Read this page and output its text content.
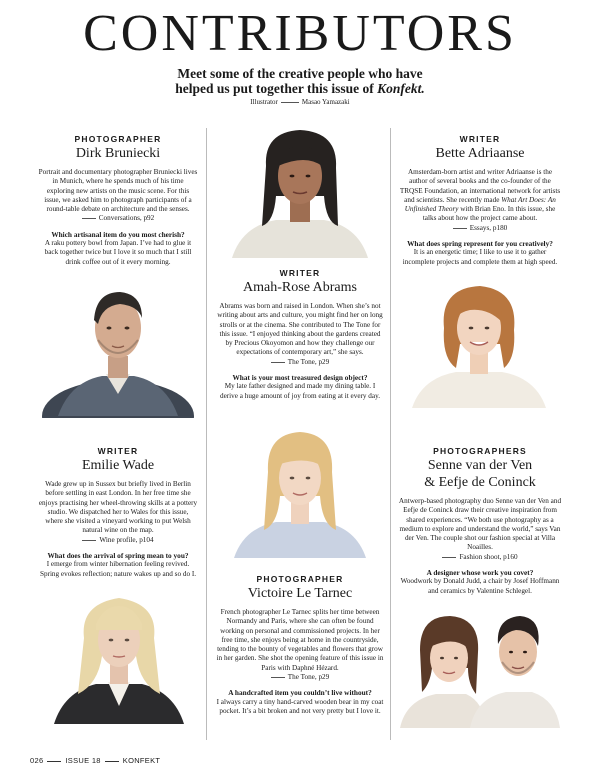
CONTRIBUTORS
Meet some of the creative people who have
helped us put together this issue of Konfekt.
Illustrator	Masao Yamazaki
PHOTOGRAPHER
Dirk Bruniecki
Portrait and documentary photographer Bruniecki lives in Munich, where he spends much of his time exploring new artists on the music scene. For this issue, we asked him to photograph participants of a round-table debate on architecture and the senses.
Conversations, p92
Which artisanal item do you most cherish?
A raku pottery bowl from Japan. I’ve had to glue it back together twice but I love it so much that I still drink coffee out of it every morning.
WRITER
Emilie Wade
Wade grew up in Sussex but briefly lived in Berlin before settling in east London. In her free time she enjoys practising her wheel-throwing skills at a pottery studio. We dispatched her to Wales for this issue, where she visited a vineyard working to put Welsh natural wine on the map.
Wine profile, p104
What does the arrival of spring mean to you?
I emerge from winter hibernation feeling revived. Spring evokes reflection; nature wakes up and so do I.
WRITER
Amah-Rose Abrams
Abrams was born and raised in London. When she’s not writing about arts and culture, you might find her on long strolls or at the cinema. She contributed to The Tone for this issue. “I enjoyed thinking about the gardens created by Precious Okoyomon and how they challenge our expectations of contemporary art,” she says.
The Tone, p29
What is your most treasured design object?
My late father designed and made my dining table. I derive a huge amount of joy from eating at it every day.
PHOTOGRAPHER
Victoire Le Tarnec
French photographer Le Tarnec splits her time between Normandy and Paris, where she can often be found working on personal and commissioned projects. In her free time, she enjoys being at home in the countryside, tending to the bounty of vegetables and flowers that grow in her garden. She shot the opening feature of this issue in Paris with Daphné Hézard.
The Tone, p29
A handcrafted item you couldn’t live without?
I always carry a tiny hand-carved wooden bear in my coat pocket. It’s a bit broken and not very pretty but I love it.
WRITER
Bette Adriaanse
Amsterdam-born artist and writer Adriaanse is the author of several books and the co-founder of the TRQSE Foundation, an international network for artists and scientists. She recently made What Art Does: An Unfinished Theory with Brian Eno. In this issue, she talks about how the project came about.
Essays, p180
What does spring represent for you creatively?
It is an energetic time; I like to use it to gather incomplete projects and complete them at high speed.
PHOTOGRAPHERS
Senne van der Ven
& Eefje de Coninck
Antwerp-based photography duo Senne van der Ven and Eefje de Coninck draw their creative inspiration from shared experiences. “We both use photography as a medium to explore and understand the world,” says Van der Ven. The couple shot our fashion special at Villa Noailles.
Fashion shoot, p160
A designer whose work you covet?
Woodwork by Donald Judd, a chair by Josef Hoffmann and ceramics by Valentine Schlegel.
026	ISSUE 18	KONFEKT
